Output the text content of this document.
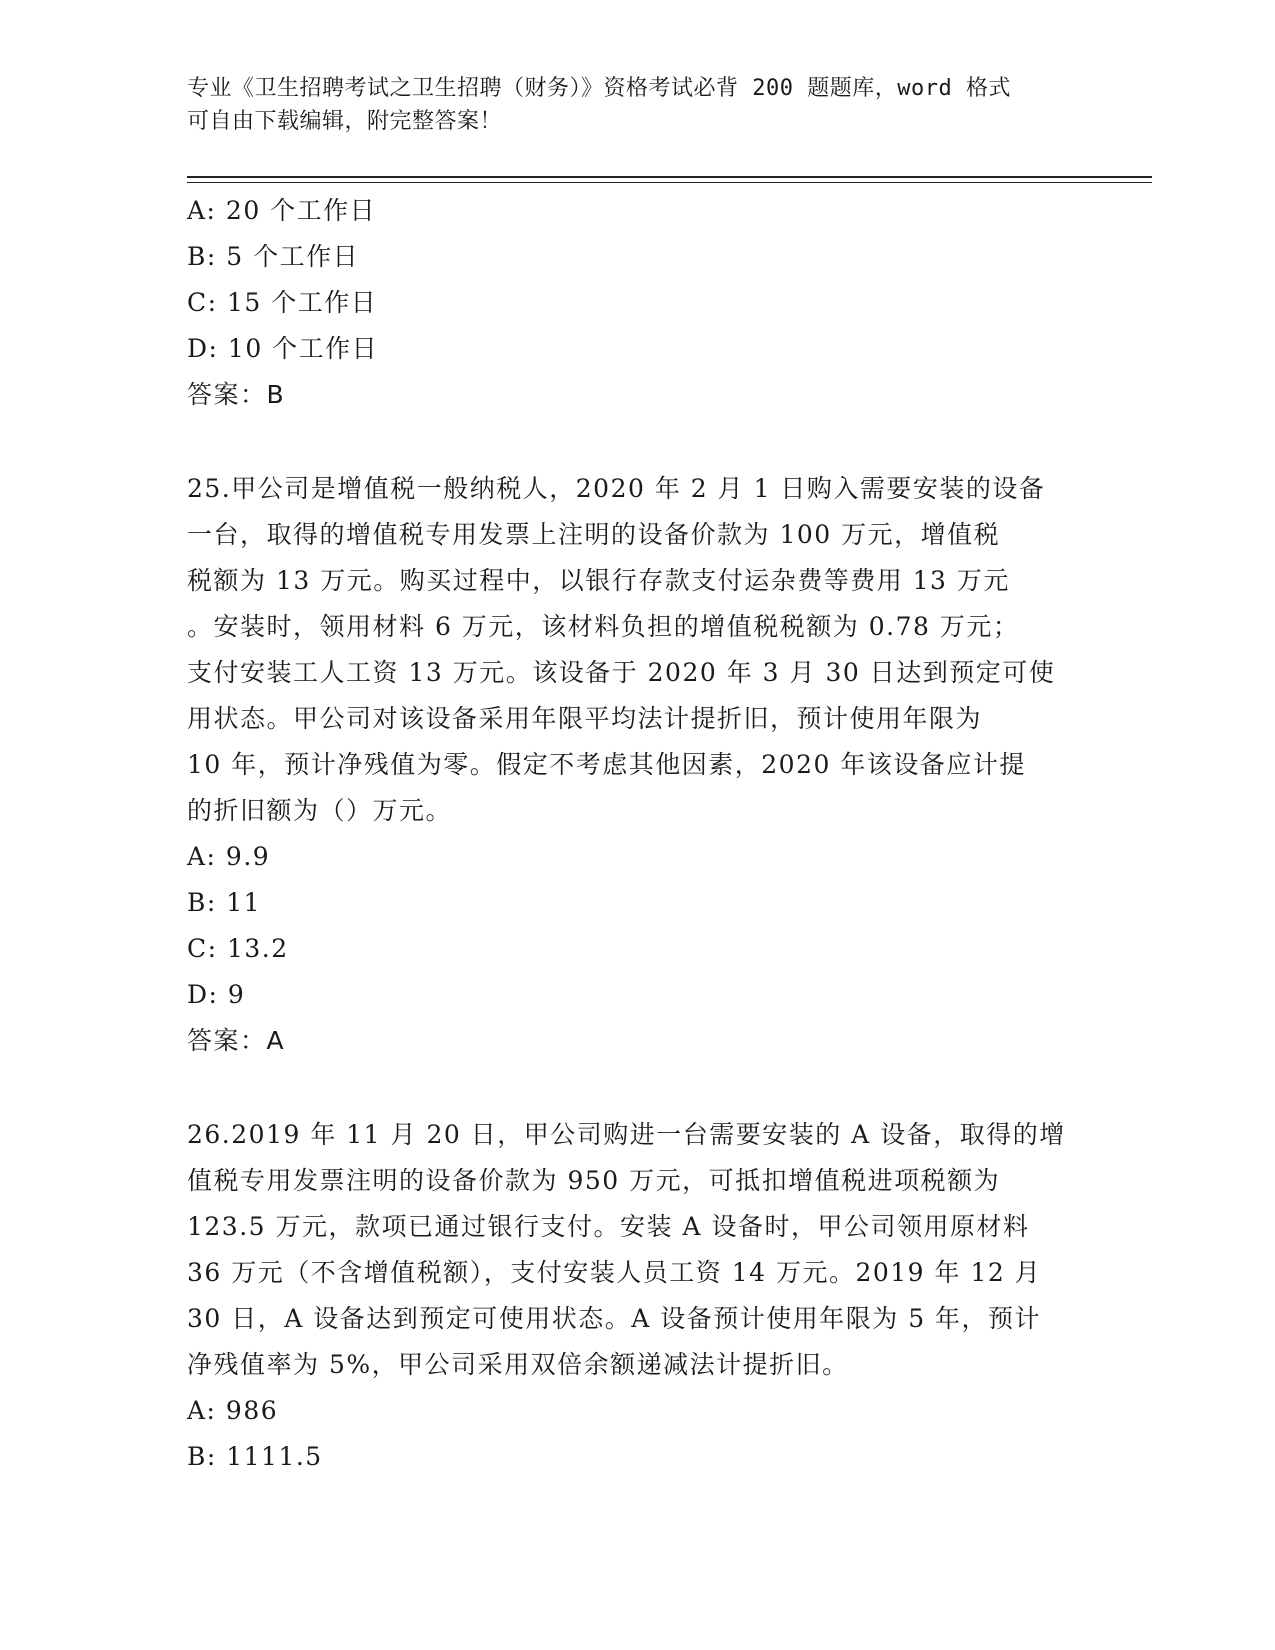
专业《卫生招聘考试之卫生招聘（财务）》资格考试必背 200 题题库，word 格式
可自由下载编辑，附完整答案！
A: 20 个工作日
B: 5 个工作日
C: 15 个工作日
D: 10 个工作日
答案：B
25.甲公司是增值税一般纳税人，2020 年 2 月 1 日购入需要安装的设备
一台，取得的增值税专用发票上注明的设备价款为 100 万元，增值税
税额为 13 万元。购买过程中，以银行存款支付运杂费等费用 13 万元
。安装时，领用材料 6 万元，该材料负担的增值税税额为 0.78 万元；
支付安装工人工资 13 万元。该设备于 2020 年 3 月 30 日达到预定可使
用状态。甲公司对该设备采用年限平均法计提折旧，预计使用年限为
10 年，预计净残值为零。假定不考虑其他因素，2020 年该设备应计提
的折旧额为（）万元。
A: 9.9
B: 11
C: 13.2
D: 9
答案：A
26.2019 年 11 月 20 日，甲公司购进一台需要安装的 A 设备，取得的增
值税专用发票注明的设备价款为 950 万元，可抵扣增值税进项税额为
123.5 万元，款项已通过银行支付。安装 A 设备时，甲公司领用原材料
36 万元（不含增值税额），支付安装人员工资 14 万元。2019 年 12 月
30 日，A 设备达到预定可使用状态。A 设备预计使用年限为 5 年，预计
净残值率为 5%，甲公司采用双倍余额递减法计提折旧。
A: 986
B: 1111.5
